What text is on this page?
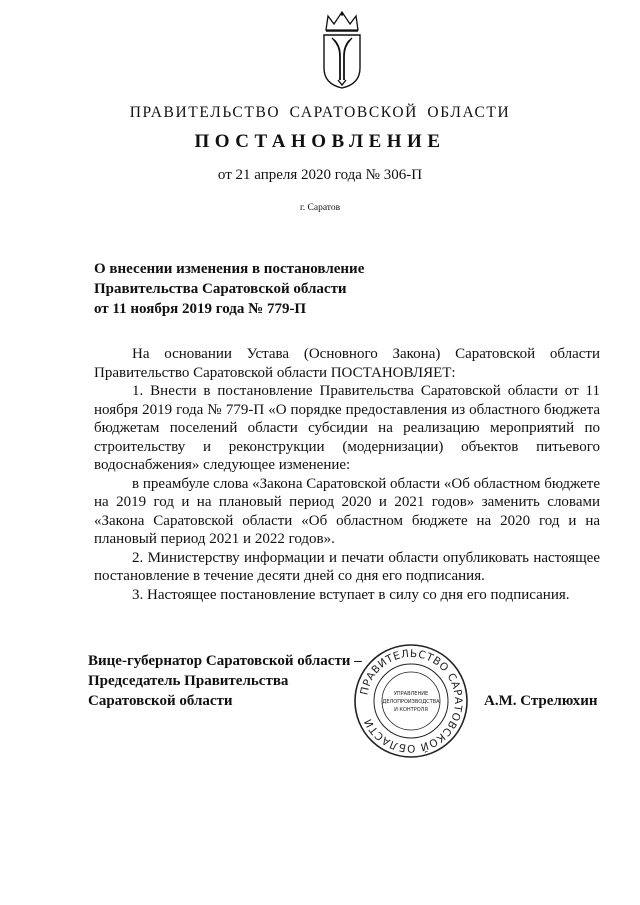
ПРАВИТЕЛЬСТВО САРАТОВСКОЙ ОБЛАСТИ
ПОСТАНОВЛЕНИЕ
от 21 апреля 2020 года № 306-П
г. Саратов
О внесении изменения в постановление
Правительства Саратовской области
от 11 ноября 2019 года № 779-П

На основании Устава (Основного Закона) Саратовской области Правительство Саратовской области ПОСТАНОВЛЯЕТ:

1. Внести в постановление Правительства Саратовской области от 11 ноября 2019 года № 779-П «О порядке предоставления из областного бюджета бюджетам поселений области субсидии на реализацию мероприятий по строительству и реконструкции (модернизации) объектов питьевого водоснабжения» следующее изменение:

в преамбуле слова «Закона Саратовской области «Об областном бюджете на 2019 год и на плановый период 2020 и 2021 годов» заменить словами «Закона Саратовской области «Об областном бюджете на 2020 год и на плановый период 2021 и 2022 годов».

2. Министерству информации и печати области опубликовать настоящее постановление в течение десяти дней со дня его подписания.

3. Настоящее постановление вступает в силу со дня его подписания.

Вице-губернатор Саратовской области –
Председатель Правительства
Саратовской области
ПРАВИТЕЛЬСТВО САРАТОВСКОЙ ОБЛАСТИ
УПРАВЛЕНИЕ
ДЕЛОПРОИЗВОДСТВА
И КОНТРОЛЯ
А.М. Стрелюхин
